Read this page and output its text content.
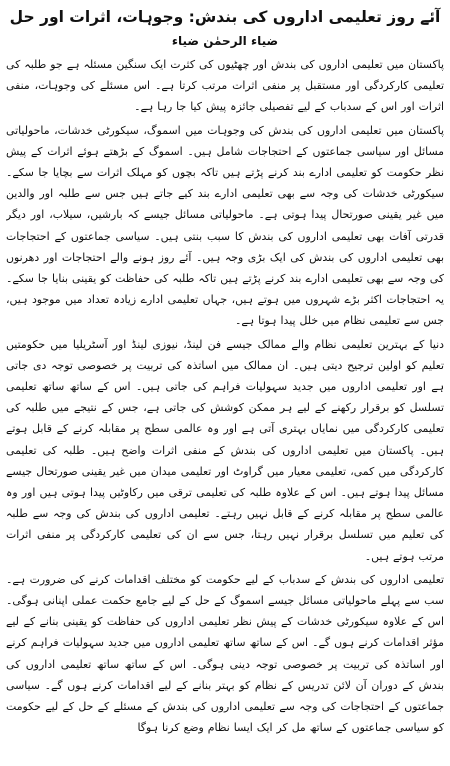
آئے روز تعلیمی اداروں کی بندش: وجوہات، اثرات اور حل
ضیاء الرحمٰن ضیاء

پاکستان میں تعلیمی اداروں کی بندش اور چھٹیوں کی کثرت ایک سنگین مسئلہ ہے جو طلبہ کی تعلیمی کارکردگی اور مستقبل پر منفی اثرات مرتب کرتا ہے۔ اس مسئلے کی وجوہات، منفی اثرات اور اس کے سدباب کے لیے تفصیلی جائزہ پیش کیا جا رہا ہے۔

پاکستان میں تعلیمی اداروں کی بندش کی وجوہات میں اسموگ، سیکورٹی خدشات، ماحولیاتی مسائل اور سیاسی جماعتوں کے احتجاجات شامل ہیں۔ اسموگ کے بڑھتے ہوئے اثرات کے پیش نظر حکومت کو تعلیمی ادارے بند کرنے پڑتے ہیں تاکہ بچوں کو مہلک اثرات سے بچایا جا سکے۔ سیکورٹی خدشات کی وجہ سے بھی تعلیمی ادارے بند کیے جاتے ہیں جس سے طلبہ اور والدین میں غیر یقینی صورتحال پیدا ہوتی ہے۔ ماحولیاتی مسائل جیسے کہ بارشیں، سیلاب، اور دیگر قدرتی آفات بھی تعلیمی اداروں کی بندش کا سبب بنتی ہیں۔ سیاسی جماعتوں کے احتجاجات بھی تعلیمی اداروں کی بندش کی ایک بڑی وجہ ہیں۔ آئے روز ہونے والے احتجاجات اور دھرنوں کی وجہ سے بھی تعلیمی ادارے بند کرنے پڑتے ہیں تاکہ طلبہ کی حفاظت کو یقینی بنایا جا سکے۔ یہ احتجاجات اکثر بڑے شہروں میں ہوتے ہیں، جہاں تعلیمی ادارے زیادہ تعداد میں موجود ہیں، جس سے تعلیمی نظام میں خلل پیدا ہوتا ہے۔

دنیا کے بہترین تعلیمی نظام والے ممالک جیسے فن لینڈ، نیوزی لینڈ اور آسٹریلیا میں حکومتیں تعلیم کو اولین ترجیح دیتی ہیں۔ ان ممالک میں اساتذہ کی تربیت پر خصوصی توجہ دی جاتی ہے اور تعلیمی اداروں میں جدید سہولیات فراہم کی جاتی ہیں۔ اس کے ساتھ ساتھ تعلیمی تسلسل کو برقرار رکھنے کے لیے ہر ممکن کوشش کی جاتی ہے، جس کے نتیجے میں طلبہ کی تعلیمی کارکردگی میں نمایاں بہتری آتی ہے اور وہ عالمی سطح پر مقابلہ کرنے کے قابل ہوتے ہیں۔ پاکستان میں تعلیمی اداروں کی بندش کے منفی اثرات واضح ہیں۔ طلبہ کی تعلیمی کارکردگی میں کمی، تعلیمی معیار میں گراوٹ اور تعلیمی میدان میں غیر یقینی صورتحال جیسے مسائل پیدا ہوتے ہیں۔ اس کے علاوہ طلبہ کی تعلیمی ترقی میں رکاوٹیں پیدا ہوتی ہیں اور وہ عالمی سطح پر مقابلہ کرنے کے قابل نہیں رہتے۔ تعلیمی اداروں کی بندش کی وجہ سے طلبہ کی تعلیم میں تسلسل برقرار نہیں رہتا، جس سے ان کی تعلیمی کارکردگی پر منفی اثرات مرتب ہوتے ہیں۔

تعلیمی اداروں کی بندش کے سدباب کے لیے حکومت کو مختلف اقدامات کرنے کی ضرورت ہے۔ سب سے پہلے ماحولیاتی مسائل جیسے اسموگ کے حل کے لیے جامع حکمت عملی اپنانی ہوگی۔ اس کے علاوہ سیکورٹی خدشات کے پیش نظر تعلیمی اداروں کی حفاظت کو یقینی بنانے کے لیے مؤثر اقدامات کرنے ہوں گے۔ اس کے ساتھ ساتھ تعلیمی اداروں میں جدید سہولیات فراہم کرنے اور اساتذہ کی تربیت پر خصوصی توجہ دینی ہوگی۔ اس کے ساتھ ساتھ تعلیمی اداروں کی بندش کے دوران آن لائن تدریس کے نظام کو بہتر بنانے کے لیے اقدامات کرنے ہوں گے۔ سیاسی جماعتوں کے احتجاجات کی وجہ سے تعلیمی اداروں کی بندش کے مسئلے کے حل کے لیے حکومت کو سیاسی جماعتوں کے ساتھ مل کر ایک ایسا نظام وضع کرنا ہوگا
